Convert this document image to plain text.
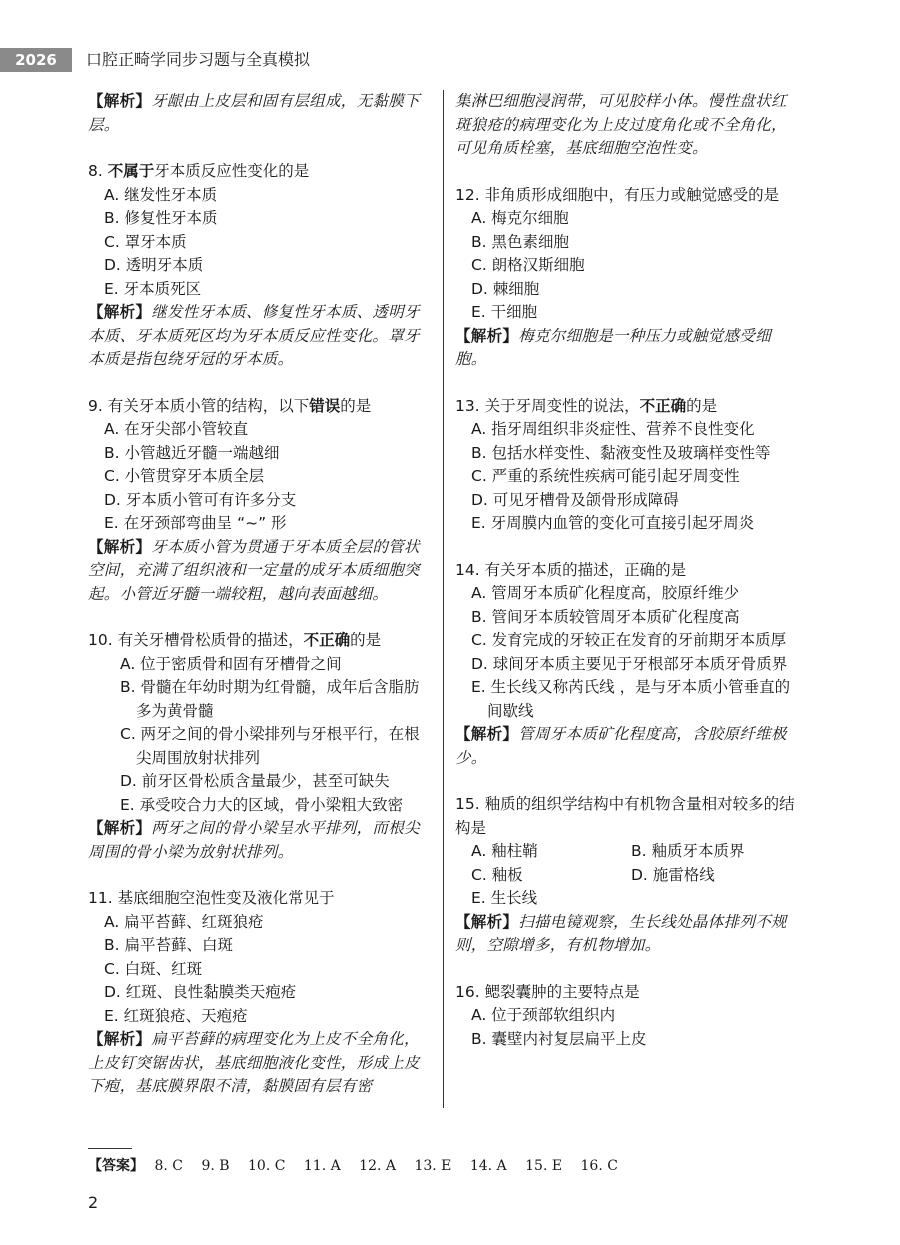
2026	口腔正畸学同步习题与全真模拟

【解析】牙龈由上皮层和固有层组成，无黏膜下层。

8. 不属于牙本质反应性变化的是

A. 继发性牙本质
B. 修复性牙本质
C. 罩牙本质
D. 透明牙本质
E. 牙本质死区

【解析】继发性牙本质、修复性牙本质、透明牙本质、牙本质死区均为牙本质反应性变化。罩牙本质是指包绕牙冠的牙本质。

9. 有关牙本质小管的结构，以下错误的是

A. 在牙尖部小管较直
B. 小管越近牙髓一端越细
C. 小管贯穿牙本质全层
D. 牙本质小管可有许多分支
E. 在牙颈部弯曲呈 “~” 形

【解析】牙本质小管为贯通于牙本质全层的管状空间，充满了组织液和一定量的成牙本质细胞突起。小管近牙髓一端较粗，越向表面越细。

10. 有关牙槽骨松质骨的描述，不正确的是

A. 位于密质骨和固有牙槽骨之间
B. 骨髓在年幼时期为红骨髓，成年后含脂肪多为黄骨髓
C. 两牙之间的骨小梁排列与牙根平行，在根尖周围放射状排列
D. 前牙区骨松质含量最少，甚至可缺失
E. 承受咬合力大的区域，骨小梁粗大致密

【解析】两牙之间的骨小梁呈水平排列，而根尖周围的骨小梁为放射状排列。

11. 基底细胞空泡性变及液化常见于

A. 扁平苔藓、红斑狼疮
B. 扁平苔藓、白斑
C. 白斑、红斑
D. 红斑、良性黏膜类天疱疮
E. 红斑狼疮、天疱疮

【解析】扁平苔藓的病理变化为上皮不全角化，上皮钉突锯齿状，基底细胞液化变性，形成上皮下疱，基底膜界限不清，黏膜固有层有密

集淋巴细胞浸润带，可见胶样小体。慢性盘状红斑狼疮的病理变化为上皮过度角化或不全角化，可见角质栓塞，基底细胞空泡性变。

12. 非角质形成细胞中，有压力或触觉感受的是

A. 梅克尔细胞
B. 黑色素细胞
C. 朗格汉斯细胞
D. 棘细胞
E. 干细胞

【解析】梅克尔细胞是一种压力或触觉感受细胞。

13. 关于牙周变性的说法，不正确的是

A. 指牙周组织非炎症性、营养不良性变化
B. 包括水样变性、黏液变性及玻璃样变性等
C. 严重的系统性疾病可能引起牙周变性
D. 可见牙槽骨及颌骨形成障碍
E. 牙周膜内血管的变化可直接引起牙周炎

14. 有关牙本质的描述，正确的是

A. 管周牙本质矿化程度高，胶原纤维少
B. 管间牙本质较管周牙本质矿化程度高
C. 发育完成的牙较正在发育的牙前期牙本质厚
D. 球间牙本质主要见于牙根部牙本质牙骨质界
E. 生长线又称芮氏线 ，是与牙本质小管垂直的间歇线

【解析】管周牙本质矿化程度高，含胶原纤维极少。

15. 釉质的组织学结构中有机物含量相对较多的结构是

A. 釉柱鞘	B. 釉质牙本质界
C. 釉板	D. 施雷格线
E. 生长线

【解析】扫描电镜观察，生长线处晶体排列不规则，空隙增多，有机物增加。

16. 鳃裂囊肿的主要特点是

A. 位于颈部软组织内
B. 囊壁内衬复层扁平上皮
【答案】 8. C 9. B 10. C 11. A 12. A 13. E 14. A 15. E 16. C
2
